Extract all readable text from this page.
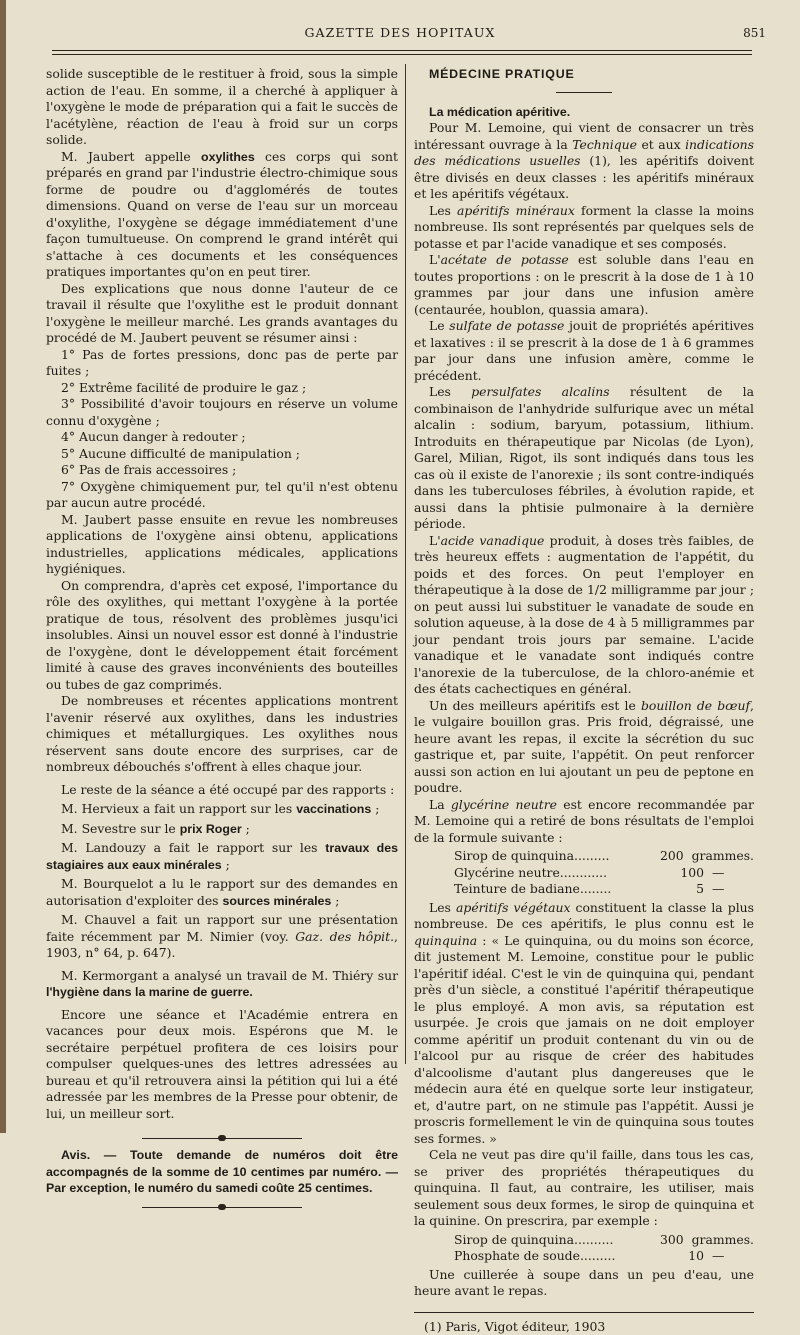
GAZETTE DES HOPITAUX	851

solide susceptible de le restituer à froid, sous la simple action de l'eau. En somme, il a cherché à appliquer à l'oxygène le mode de préparation qui a fait le succès de l'acétylène, réaction de l'eau à froid sur un corps solide.

M. Jaubert appelle oxylithes ces corps qui sont préparés en grand par l'industrie électro-chimique sous forme de poudre ou d'agglomérés de toutes dimensions. Quand on verse de l'eau sur un morceau d'oxylithe, l'oxygène se dégage immédiatement d'une façon tumultueuse. On comprend le grand intérêt qui s'attache à ces documents et les conséquences pratiques importantes qu'on en peut tirer.

Des explications que nous donne l'auteur de ce travail il résulte que l'oxylithe est le produit donnant l'oxygène le meilleur marché. Les grands avantages du procédé de M. Jaubert peuvent se résumer ainsi :

1° Pas de fortes pressions, donc pas de perte par fuites ;

2° Extrême facilité de produire le gaz ;

3° Possibilité d'avoir toujours en réserve un volume connu d'oxygène ;

4° Aucun danger à redouter ;

5° Aucune difficulté de manipulation ;

6° Pas de frais accessoires ;

7° Oxygène chimiquement pur, tel qu'il n'est obtenu par aucun autre procédé.

M. Jaubert passe ensuite en revue les nombreuses applications de l'oxygène ainsi obtenu, applications industrielles, applications médicales, applications hygiéniques.

On comprendra, d'après cet exposé, l'importance du rôle des oxylithes, qui mettant l'oxygène à la portée pratique de tous, résolvent des problèmes jusqu'ici insolubles. Ainsi un nouvel essor est donné à l'industrie de l'oxygène, dont le développement était forcément limité à cause des graves inconvénients des bouteilles ou tubes de gaz comprimés.

De nombreuses et récentes applications montrent l'avenir réservé aux oxylithes, dans les industries chimiques et métallurgiques. Les oxylithes nous réservent sans doute encore des surprises, car de nombreux débouchés s'offrent à elles chaque jour.

Le reste de la séance a été occupé par des rapports :

M. Hervieux a fait un rapport sur les vaccinations ;

M. Sevestre sur le prix Roger ;

M. Landouzy a fait le rapport sur les travaux des stagiaires aux eaux minérales ;

M. Bourquelot a lu le rapport sur des demandes en autorisation d'exploiter des sources minérales ;

M. Chauvel a fait un rapport sur une présentation faite récemment par M. Nimier (voy. Gaz. des hôpit., 1903, n° 64, p. 647).

M. Kermorgant a analysé un travail de M. Thiéry sur l'hygiène dans la marine de guerre.

Encore une séance et l'Académie entrera en vacances pour deux mois. Espérons que M. le secrétaire perpétuel profitera de ces loisirs pour compulser quelques-unes des lettres adressées au bureau et qu'il retrouvera ainsi la pétition qui lui a été adressée par les membres de la Presse pour obtenir, de lui, un meilleur sort.

Avis. — Toute demande de numéros doit être accompagnés de la somme de 10 centimes par numéro. — Par exception, le numéro du samedi coûte 25 centimes.

MÉDECINE PRATIQUE

La médication apéritive.

Pour M. Lemoine, qui vient de consacrer un très intéressant ouvrage à la Technique et aux indications des médications usuelles (1), les apéritifs doivent être divisés en deux classes : les apéritifs minéraux et les apéritifs végétaux.

Les apéritifs minéraux forment la classe la moins nombreuse. Ils sont représentés par quelques sels de potasse et par l'acide vanadique et ses composés.

L'acétate de potasse est soluble dans l'eau en toutes proportions : on le prescrit à la dose de 1 à 10 grammes par jour dans une infusion amère (centaurée, houblon, quassia amara).

Le sulfate de potasse jouit de propriétés apéritives et laxatives : il se prescrit à la dose de 1 à 6 grammes par jour dans une infusion amère, comme le précédent.

Les persulfates alcalins résultent de la combinaison de l'anhydride sulfurique avec un métal alcalin : sodium, baryum, potassium, lithium. Introduits en thérapeutique par Nicolas (de Lyon), Garel, Milian, Rigot, ils sont indiqués dans tous les cas où il existe de l'anorexie ; ils sont contre-indiqués dans les tuberculoses fébriles, à évolution rapide, et aussi dans la phtisie pulmonaire à la dernière période.

L'acide vanadique produit, à doses très faibles, de très heureux effets : augmentation de l'appétit, du poids et des forces. On peut l'employer en thérapeutique à la dose de 1/2 milligramme par jour ; on peut aussi lui substituer le vanadate de soude en solution aqueuse, à la dose de 4 à 5 milligrammes par jour pendant trois jours par semaine. L'acide vanadique et le vanadate sont indiqués contre l'anorexie de la tuberculose, de la chloro-anémie et des états cachectiques en général.

Un des meilleurs apéritifs est le bouillon de bœuf, le vulgaire bouillon gras. Pris froid, dégraissé, une heure avant les repas, il excite la sécrétion du suc gastrique et, par suite, l'appétit. On peut renforcer aussi son action en lui ajoutant un peu de peptone en poudre.

La glycérine neutre est encore recommandée par M. Lemoine qui a retiré de bons résultats de l'emploi de la formule suivante :

Sirop de quinquina.........	200 grammes.
Glycérine neutre............	100 —
Teinture de badiane........	5 —

Les apéritifs végétaux constituent la classe la plus nombreuse. De ces apéritifs, le plus connu est le quinquina : « Le quinquina, ou du moins son écorce, dit justement M. Lemoine, constitue pour le public l'apéritif idéal. C'est le vin de quinquina qui, pendant près d'un siècle, a constitué l'apéritif thérapeutique le plus employé. A mon avis, sa réputation est usurpée. Je crois que jamais on ne doit employer comme apéritif un produit contenant du vin ou de l'alcool pur au risque de créer des habitudes d'alcoolisme d'autant plus dangereuses que le médecin aura été en quelque sorte leur instigateur, et, d'autre part, on ne stimule pas l'appétit. Aussi je proscris formellement le vin de quinquina sous toutes ses formes. »

Cela ne veut pas dire qu'il faille, dans tous les cas, se priver des propriétés thérapeutiques du quinquina. Il faut, au contraire, les utiliser, mais seulement sous deux formes, le sirop de quinquina et la quinine. On prescrira, par exemple :

Sirop de quinquina..........	300 grammes.
Phosphate de soude.........	10 —

Une cuillerée à soupe dans un peu d'eau, une heure avant le repas.

(1) Paris, Vigot éditeur, 1903
